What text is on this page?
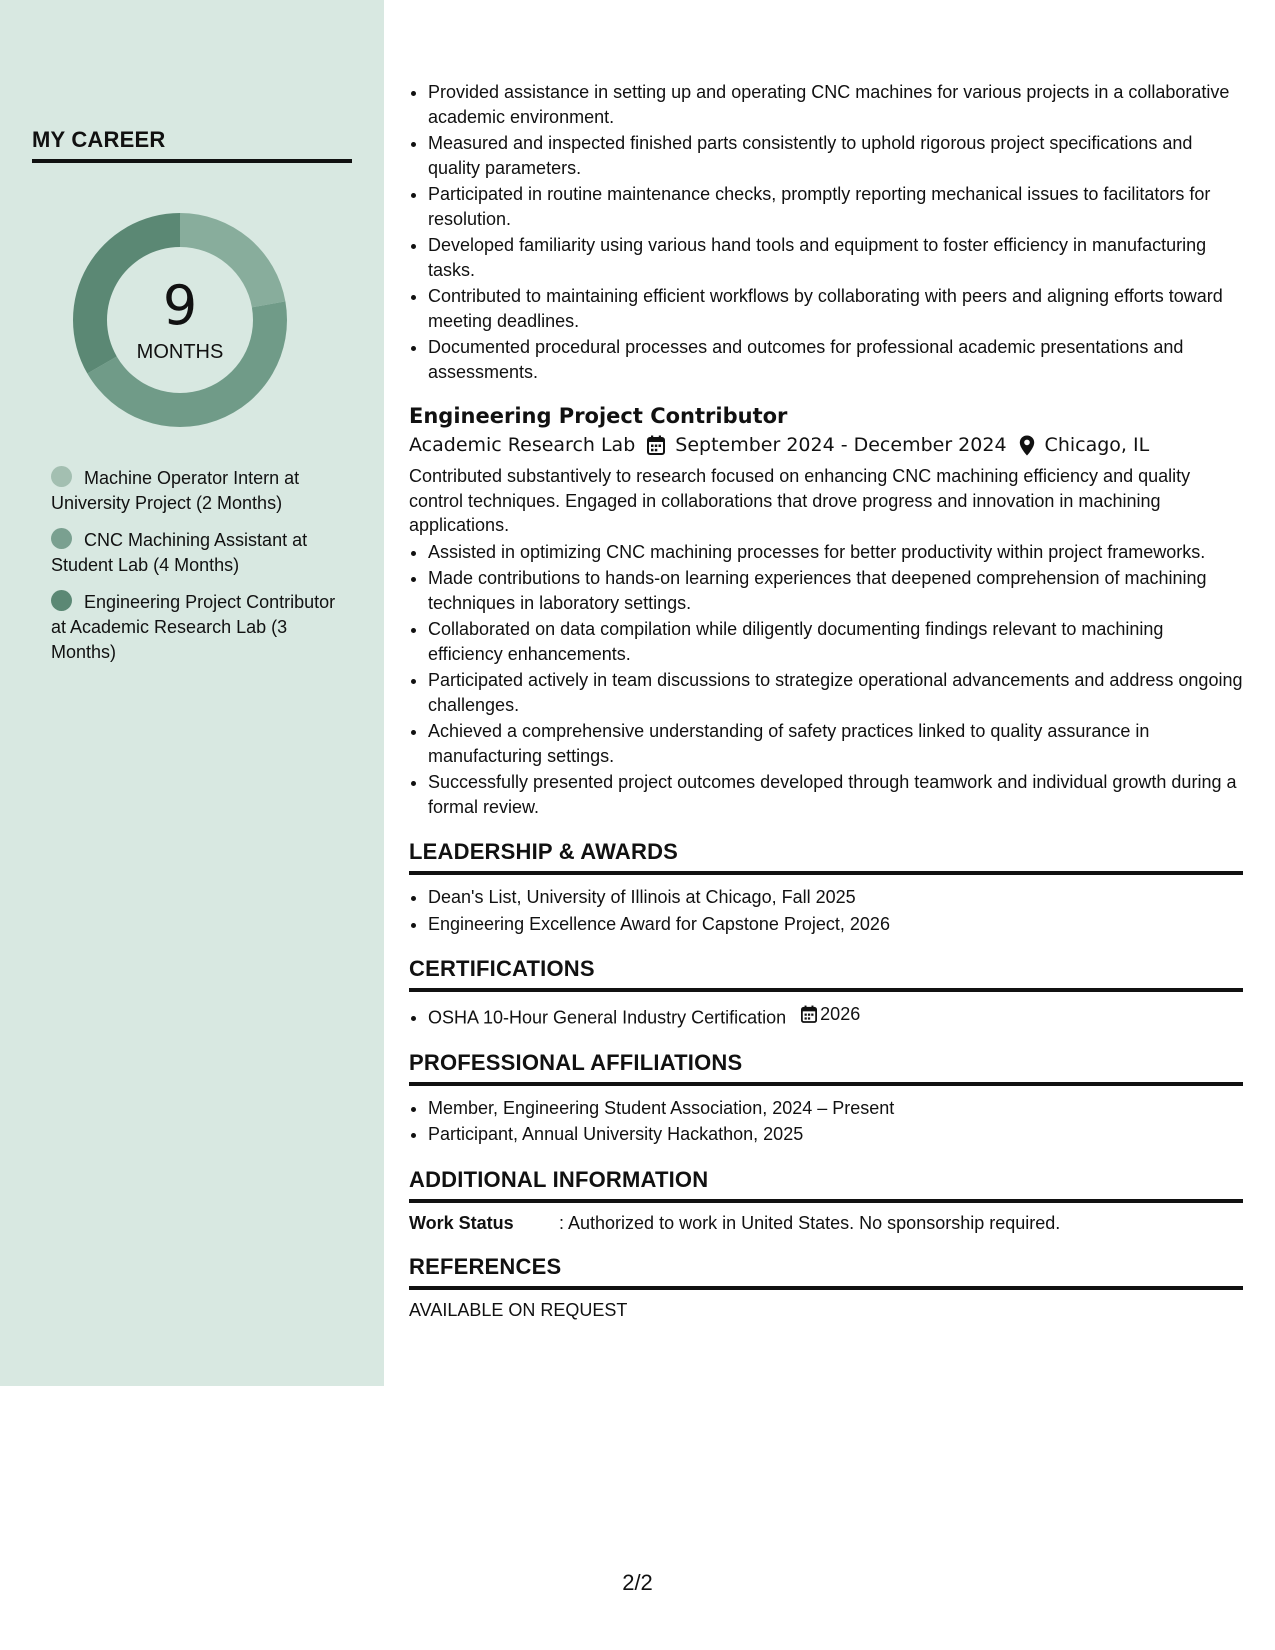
MY CAREER
9
MONTHS
Machine Operator Intern at University Project (2 Months)
CNC Machining Assistant at Student Lab (4 Months)
Engineering Project Contributor at Academic Research Lab (3 Months)
• Provided assistance in setting up and operating CNC machines for various projects in a collaborative academic environment.
• Measured and inspected finished parts consistently to uphold rigorous project specifications and quality parameters.
• Participated in routine maintenance checks, promptly reporting mechanical issues to facilitators for resolution.
• Developed familiarity using various hand tools and equipment to foster efficiency in manufacturing tasks.
• Contributed to maintaining efficient workflows by collaborating with peers and aligning efforts toward meeting deadlines.
• Documented procedural processes and outcomes for professional academic presentations and assessments.
Engineering Project Contributor
Academic Research Lab September 2024 - December 2024 Chicago, IL

Contributed substantively to research focused on enhancing CNC machining efficiency and quality control techniques. Engaged in collaborations that drove progress and innovation in machining applications.

• Assisted in optimizing CNC machining processes for better productivity within project frameworks.
• Made contributions to hands-on learning experiences that deepened comprehension of machining techniques in laboratory settings.
• Collaborated on data compilation while diligently documenting findings relevant to machining efficiency enhancements.
• Participated actively in team discussions to strategize operational advancements and address ongoing challenges.
• Achieved a comprehensive understanding of safety practices linked to quality assurance in manufacturing settings.
• Successfully presented project outcomes developed through teamwork and individual growth during a formal review.
LEADERSHIP & AWARDS
• Dean's List, University of Illinois at Chicago, Fall 2025
• Engineering Excellence Award for Capstone Project, 2026
CERTIFICATIONS
• OSHA 10-Hour General Industry Certification 2026
PROFESSIONAL AFFILIATIONS
• Member, Engineering Student Association, 2024 – Present
• Participant, Annual University Hackathon, 2025
ADDITIONAL INFORMATION
Work Status	: Authorized to work in United States. No sponsorship required.
REFERENCES
AVAILABLE ON REQUEST
2/2
